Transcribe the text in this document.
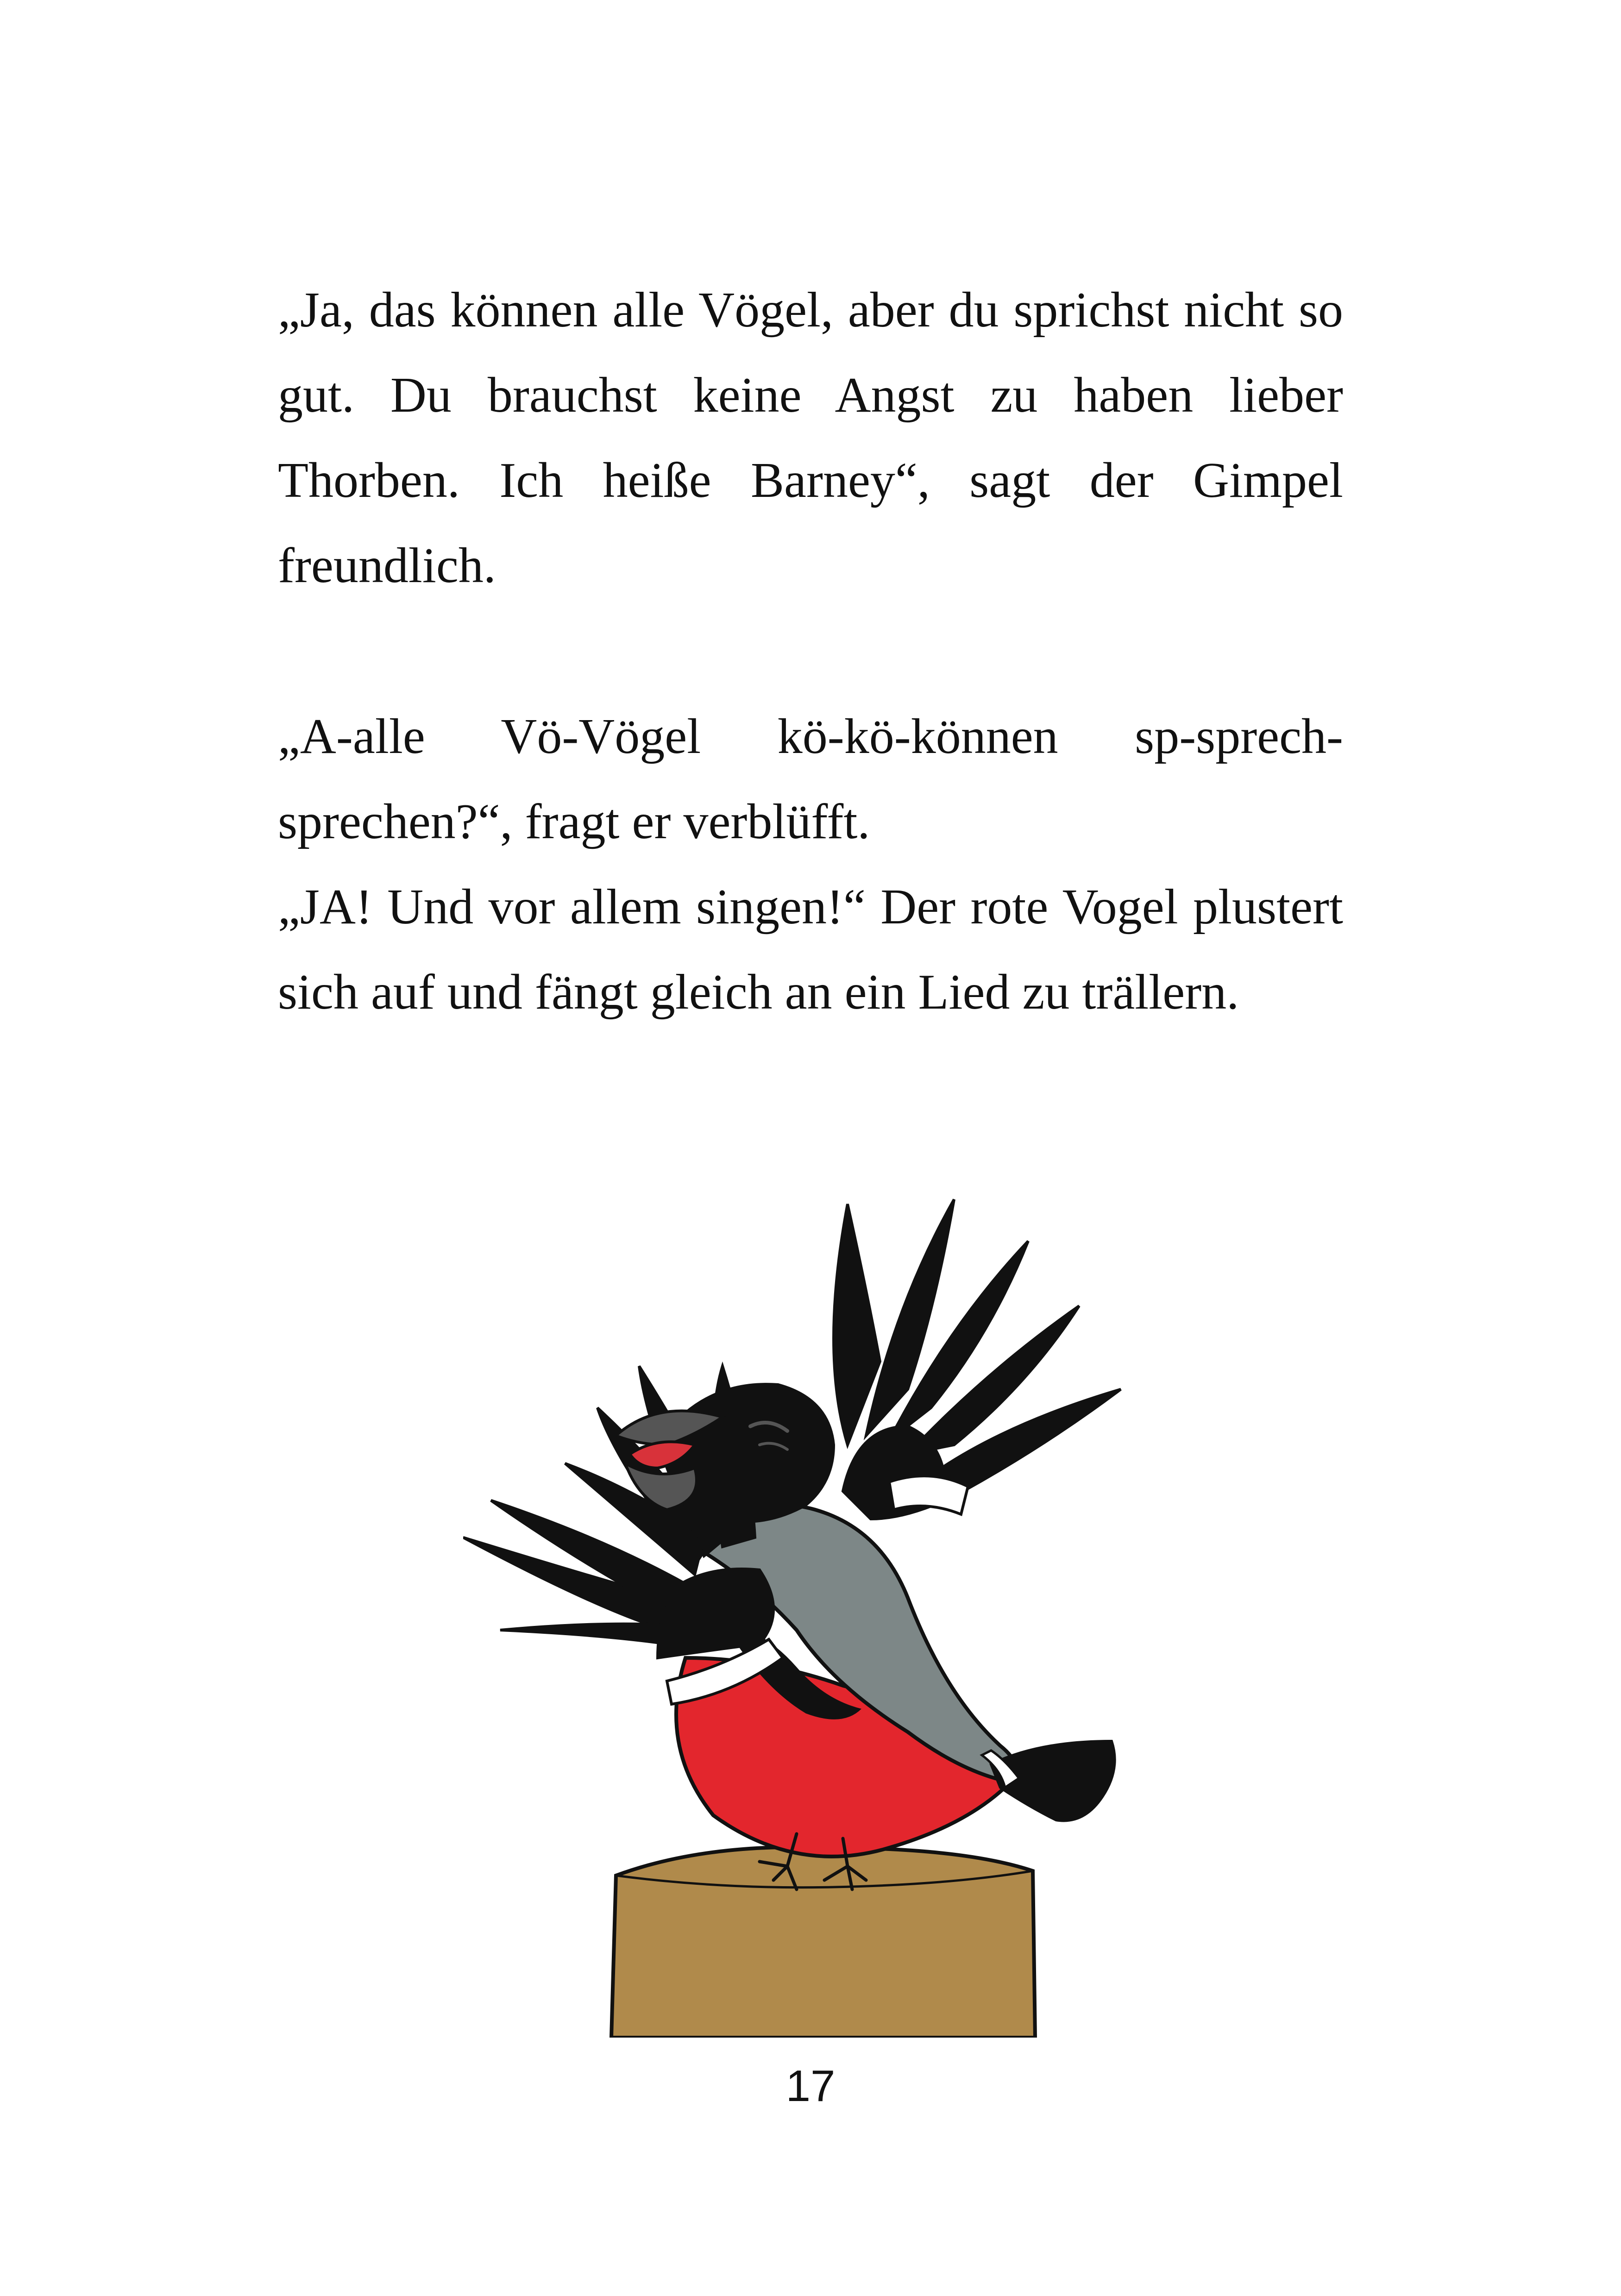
„Ja, das können alle Vögel, aber du sprichst nicht so gut. Du brauchst keine Angst zu haben lieber Thorben. Ich heiße Barney“, sagt der Gimpel freundlich.

„A-alle Vö-Vögel kö-kö-können sp-sprech-sprechen?“, fragt er verblüfft.

„JA! Und vor allem singen!“ Der rote Vogel plustert sich auf und fängt gleich an ein Lied zu trällern.

17
